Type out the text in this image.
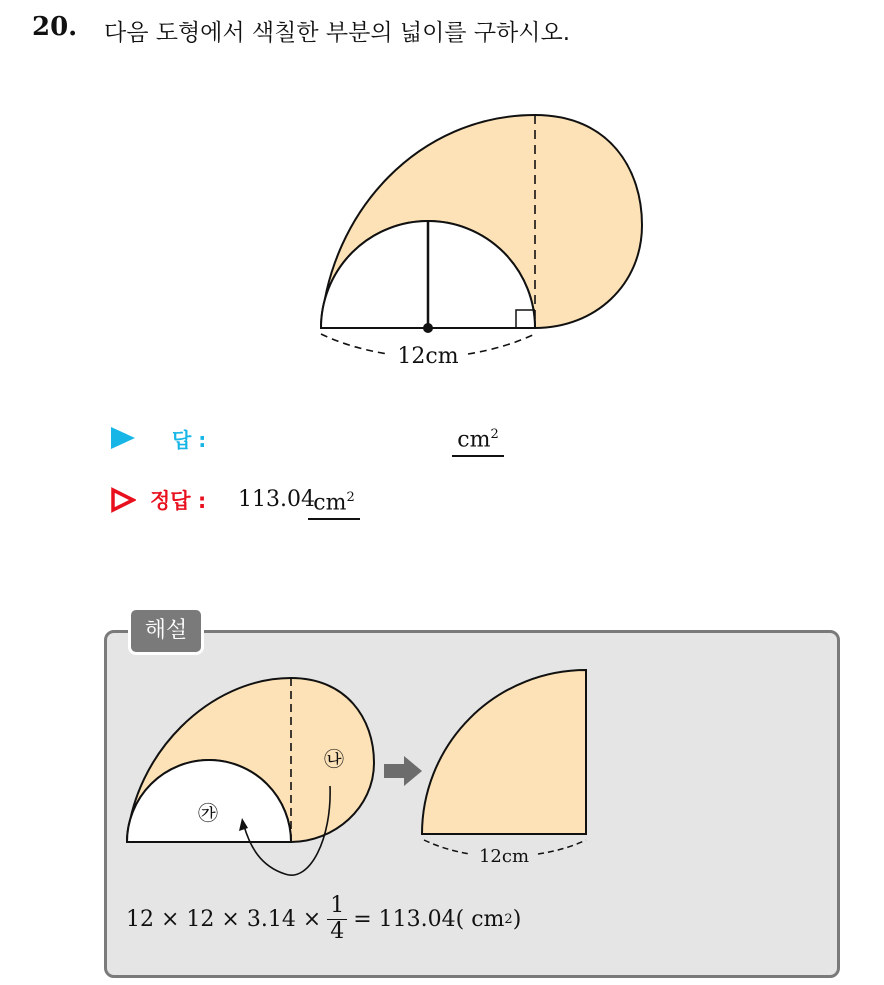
20. 다음 도형에서 색칠한 부분의 넓이를 구하시오.
12cm
답 :	$cm^2$
정답 : 113.04
$cm^2$
해설
㉮
㉯
12cm
$12 \times 12 \times 3.14 \times \frac{1}{4} = 113.04$( cm 2 )
